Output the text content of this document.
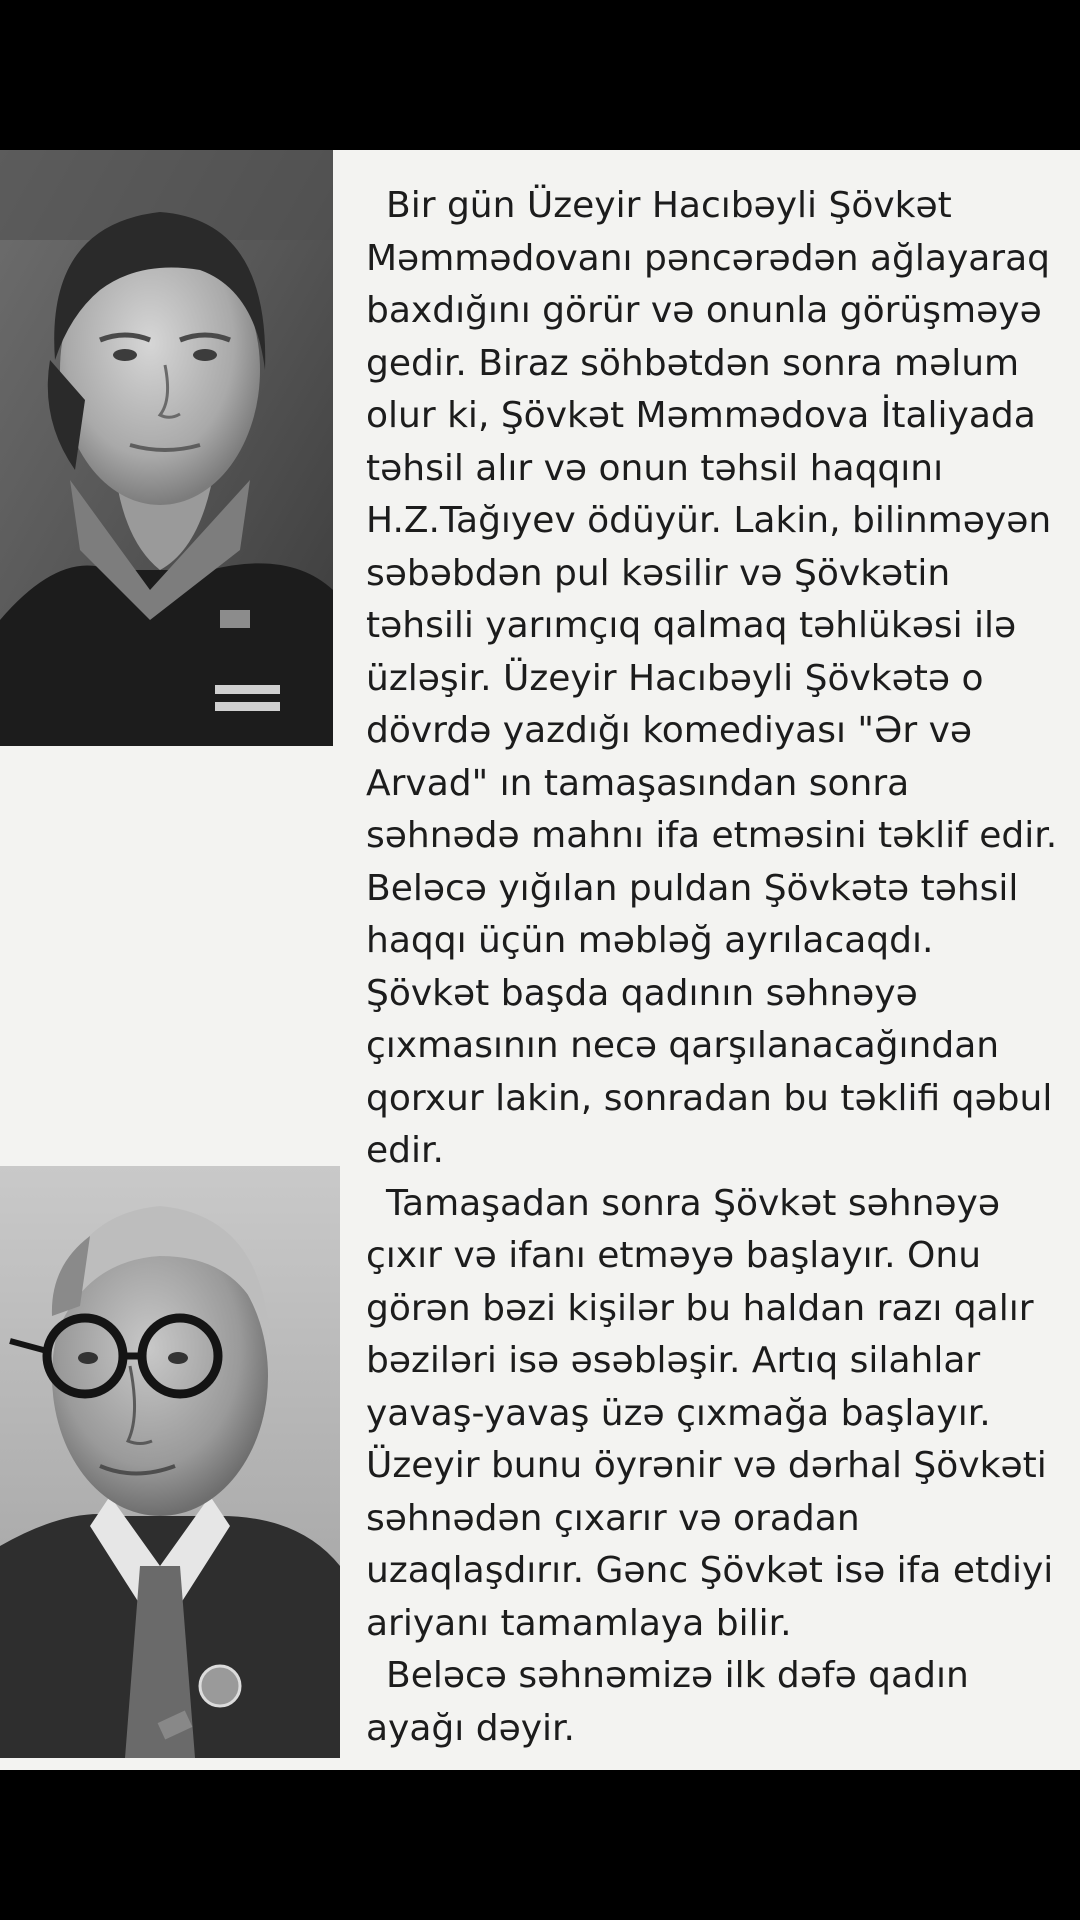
Bir gün Üzeyir Hacıbəyli Şövkət Məmmədovanı pəncərədən ağlayaraq baxdığını görür və onunla görüşməyə gedir. Biraz söhbətdən sonra məlum olur ki, Şövkət Məmmədova İtaliyada təhsil alır və onun təhsil haqqını H.Z.Tağıyev ödüyür. Lakin, bilinməyən səbəbdən pul kəsilir və Şövkətin təhsili yarımçıq qalmaq təhlükəsi ilə üzləşir. Üzeyir Hacıbəyli Şövkətə o dövrdə yazdığı komediyası "Ər və Arvad" ın tamaşasından sonra səhnədə mahnı ifa etməsini təklif edir. Beləcə yığılan puldan Şövkətə təhsil haqqı üçün məbləğ ayrılacaqdı. Şövkət başda qadının səhnəyə çıxmasının necə qarşılanacağından qorxur lakin, sonradan bu təklifi qəbul edir.

Tamaşadan sonra Şövkət səhnəyə çıxır və ifanı etməyə başlayır. Onu görən bəzi kişilər bu haldan razı qalır bəziləri isə əsəbləşir. Artıq silahlar yavaş-yavaş üzə çıxmağa başlayır. Üzeyir bunu öyrənir və dərhal Şövkəti səhnədən çıxarır və oradan uzaqlaşdırır. Gənc Şövkət isə ifa etdiyi ariyanı tamamlaya bilir.

Beləcə səhnəmizə ilk dəfə qadın ayağı dəyir.
